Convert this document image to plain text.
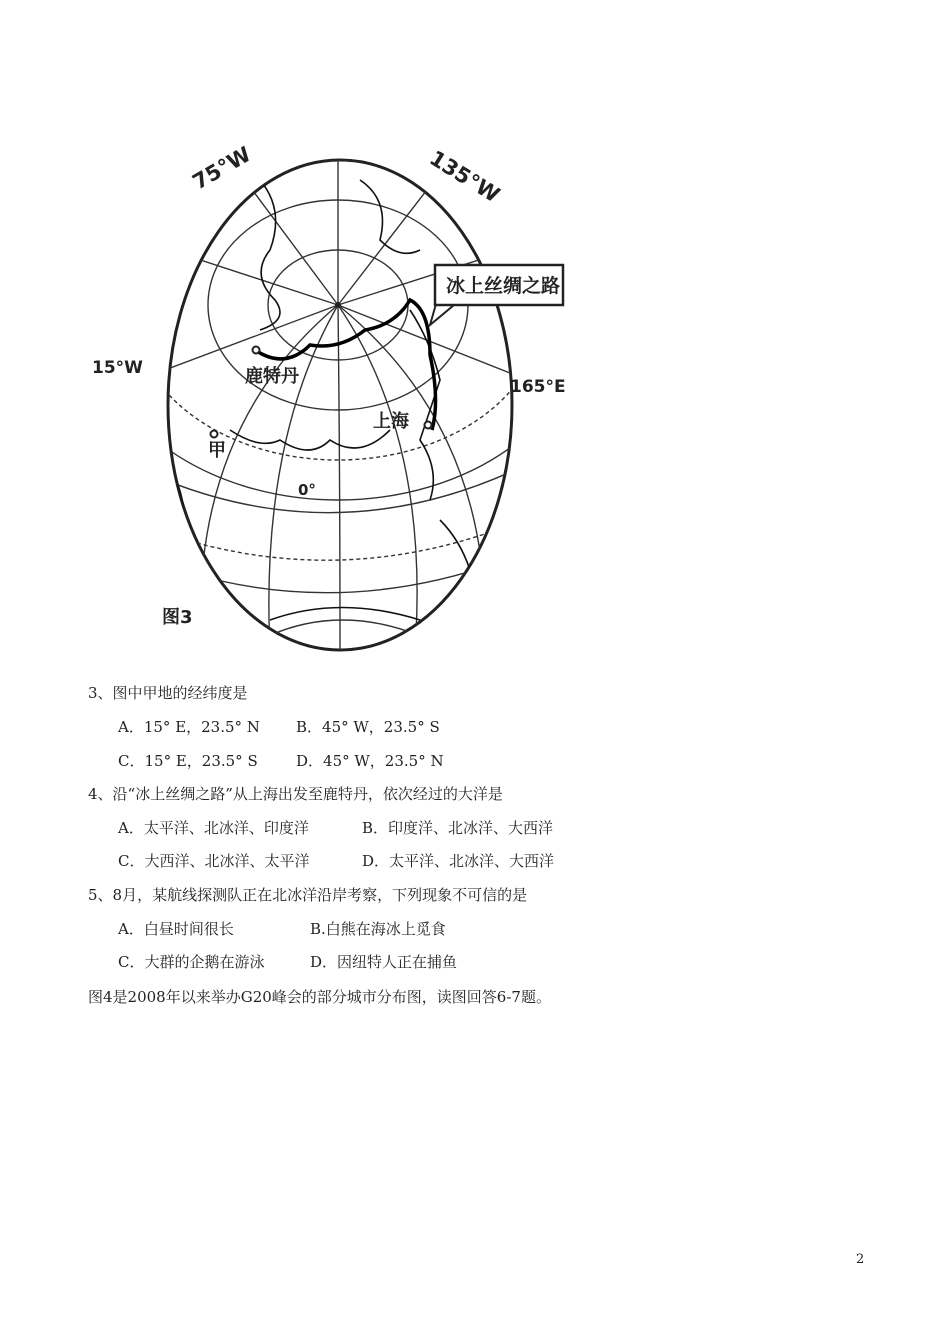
冰上丝绸之路
75°W	135°W
15°W
165°E
0°
鹿特丹
上海
甲
图3
3、图中甲地的经纬度是
A．15° E，23.5° N B．45° W，23.5° S
C．15° E，23.5° S	D．45° W，23.5° N
4、沿“冰上丝绸之路”从上海出发至鹿特丹，依次经过的大洋是
A．太平洋、北冰洋、印度洋	B．印度洋、北冰洋、大西洋
C．大西洋、北冰洋、太平洋	D．太平洋、北冰洋、大西洋
5、8月，某航线探测队正在北冰洋沿岸考察，下列现象不可信的是
A．白昼时间很长	B.白熊在海冰上觅食
C．大群的企鹅在游泳	D．因纽特人正在捕鱼
图4是2008年以来举办G20峰会的部分城市分布图，读图回答6-7题。
2
